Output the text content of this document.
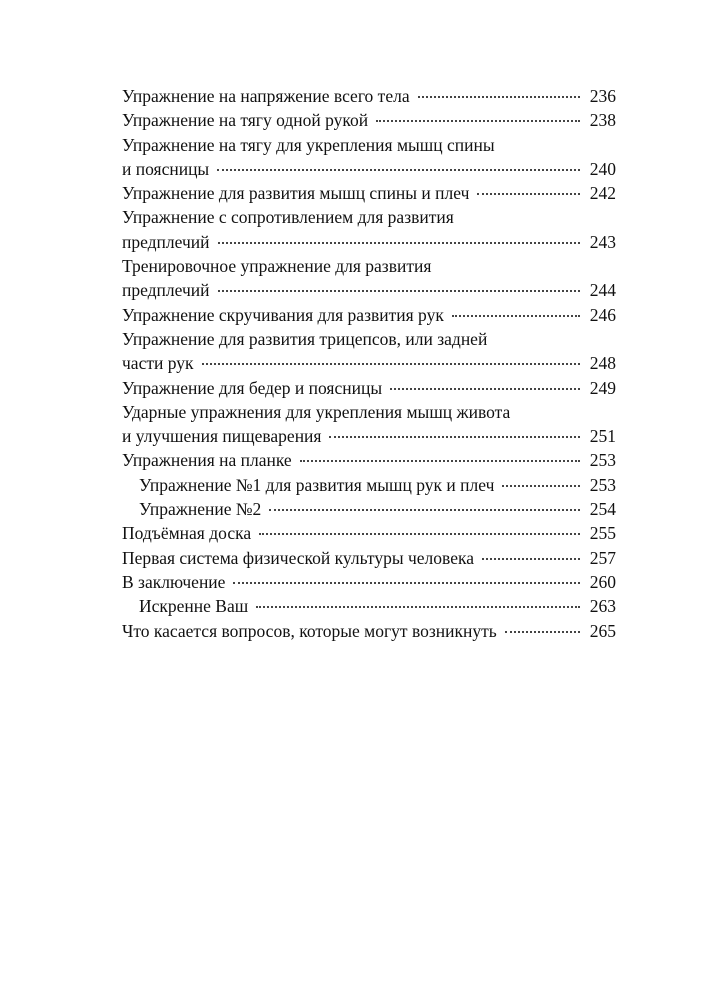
Упражнение на напряжение всего тела	236
Упражнение на тягу одной рукой	238
Упражнение на тягу для укрепления мышц спины
и поясницы	240
Упражнение для развития мышц спины и плеч	242
Упражнение с сопротивлением для развития
предплечий	243
Тренировочное упражнение для развития
предплечий	244
Упражнение скручивания для развития рук	246
Упражнение для развития трицепсов, или задней
части рук	248
Упражнение для бедер и поясницы	249
Ударные упражнения для укрепления мышц живота
и улучшения пищеварения	251
Упражнения на планке	253
Упражнение №1 для развития мышц рук и плеч	253
Упражнение №2	254
Подъёмная доска	255
Первая система физической культуры человека	257
В заключение	260
Искренне Ваш	263
Что касается вопросов, которые могут возникнуть	265
